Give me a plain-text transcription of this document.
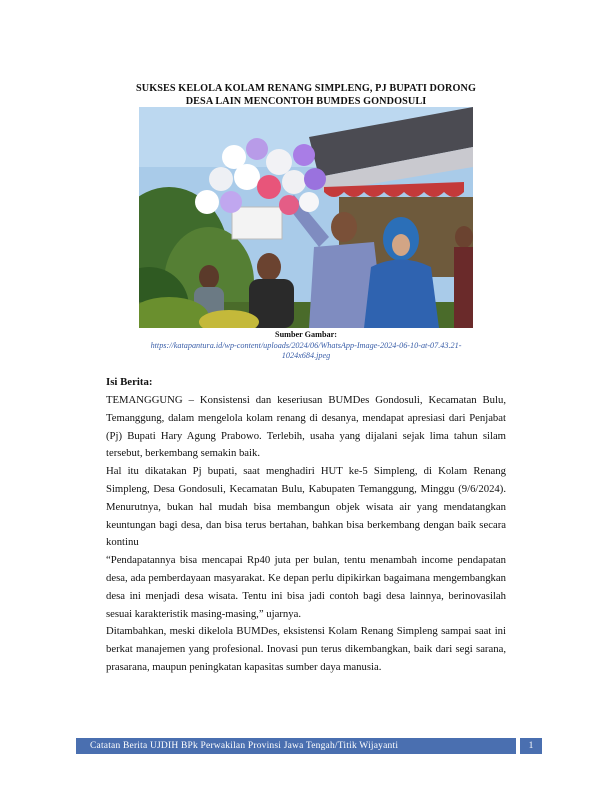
SUKSES KELOLA KOLAM RENANG SIMPLENG, PJ BUPATI DORONG
DESA LAIN MENCONTOH BUMDES GONDOSULI
Sumber Gambar:
https://katapantura.id/wp-content/uploads/2024/06/WhatsApp-Image-2024-06-10-at-07.43.21-
1024x684.jpeg
Isi Berita:

TEMANGGUNG – Konsistensi dan keseriusan BUMDes Gondosuli, Kecamatan Bulu, Temanggung, dalam mengelola kolam renang di desanya, mendapat apresiasi dari Penjabat (Pj) Bupati Hary Agung Prabowo. Terlebih, usaha yang dijalani sejak lima tahun silam tersebut, berkembang semakin baik.

Hal itu dikatakan Pj bupati, saat menghadiri HUT ke-5 Simpleng, di Kolam Renang Simpleng, Desa Gondosuli, Kecamatan Bulu, Kabupaten Temanggung, Minggu (9/6/2024). Menurutnya, bukan hal mudah bisa membangun objek wisata air yang mendatangkan keuntungan bagi desa, dan bisa terus bertahan, bahkan bisa berkembang dengan baik secara kontinu

“Pendapatannya bisa mencapai Rp40 juta per bulan, tentu menambah income pendapatan desa, ada pemberdayaan masyarakat. Ke depan perlu dipikirkan bagaimana mengembangkan desa ini menjadi desa wisata. Tentu ini bisa jadi contoh bagi desa lainnya, berinovasilah sesuai karakteristik masing-masing,” ujarnya.

Ditambahkan, meski dikelola BUMDes, eksistensi Kolam Renang Simpleng sampai saat ini berkat manajemen yang profesional. Inovasi pun terus dikembangkan, baik dari segi sarana, prasarana, maupun peningkatan kapasitas sumber daya manusia.

Catatan Berita UJDIH BPk Perwakilan Provinsi Jawa Tengah/Titik Wijayanti	1
